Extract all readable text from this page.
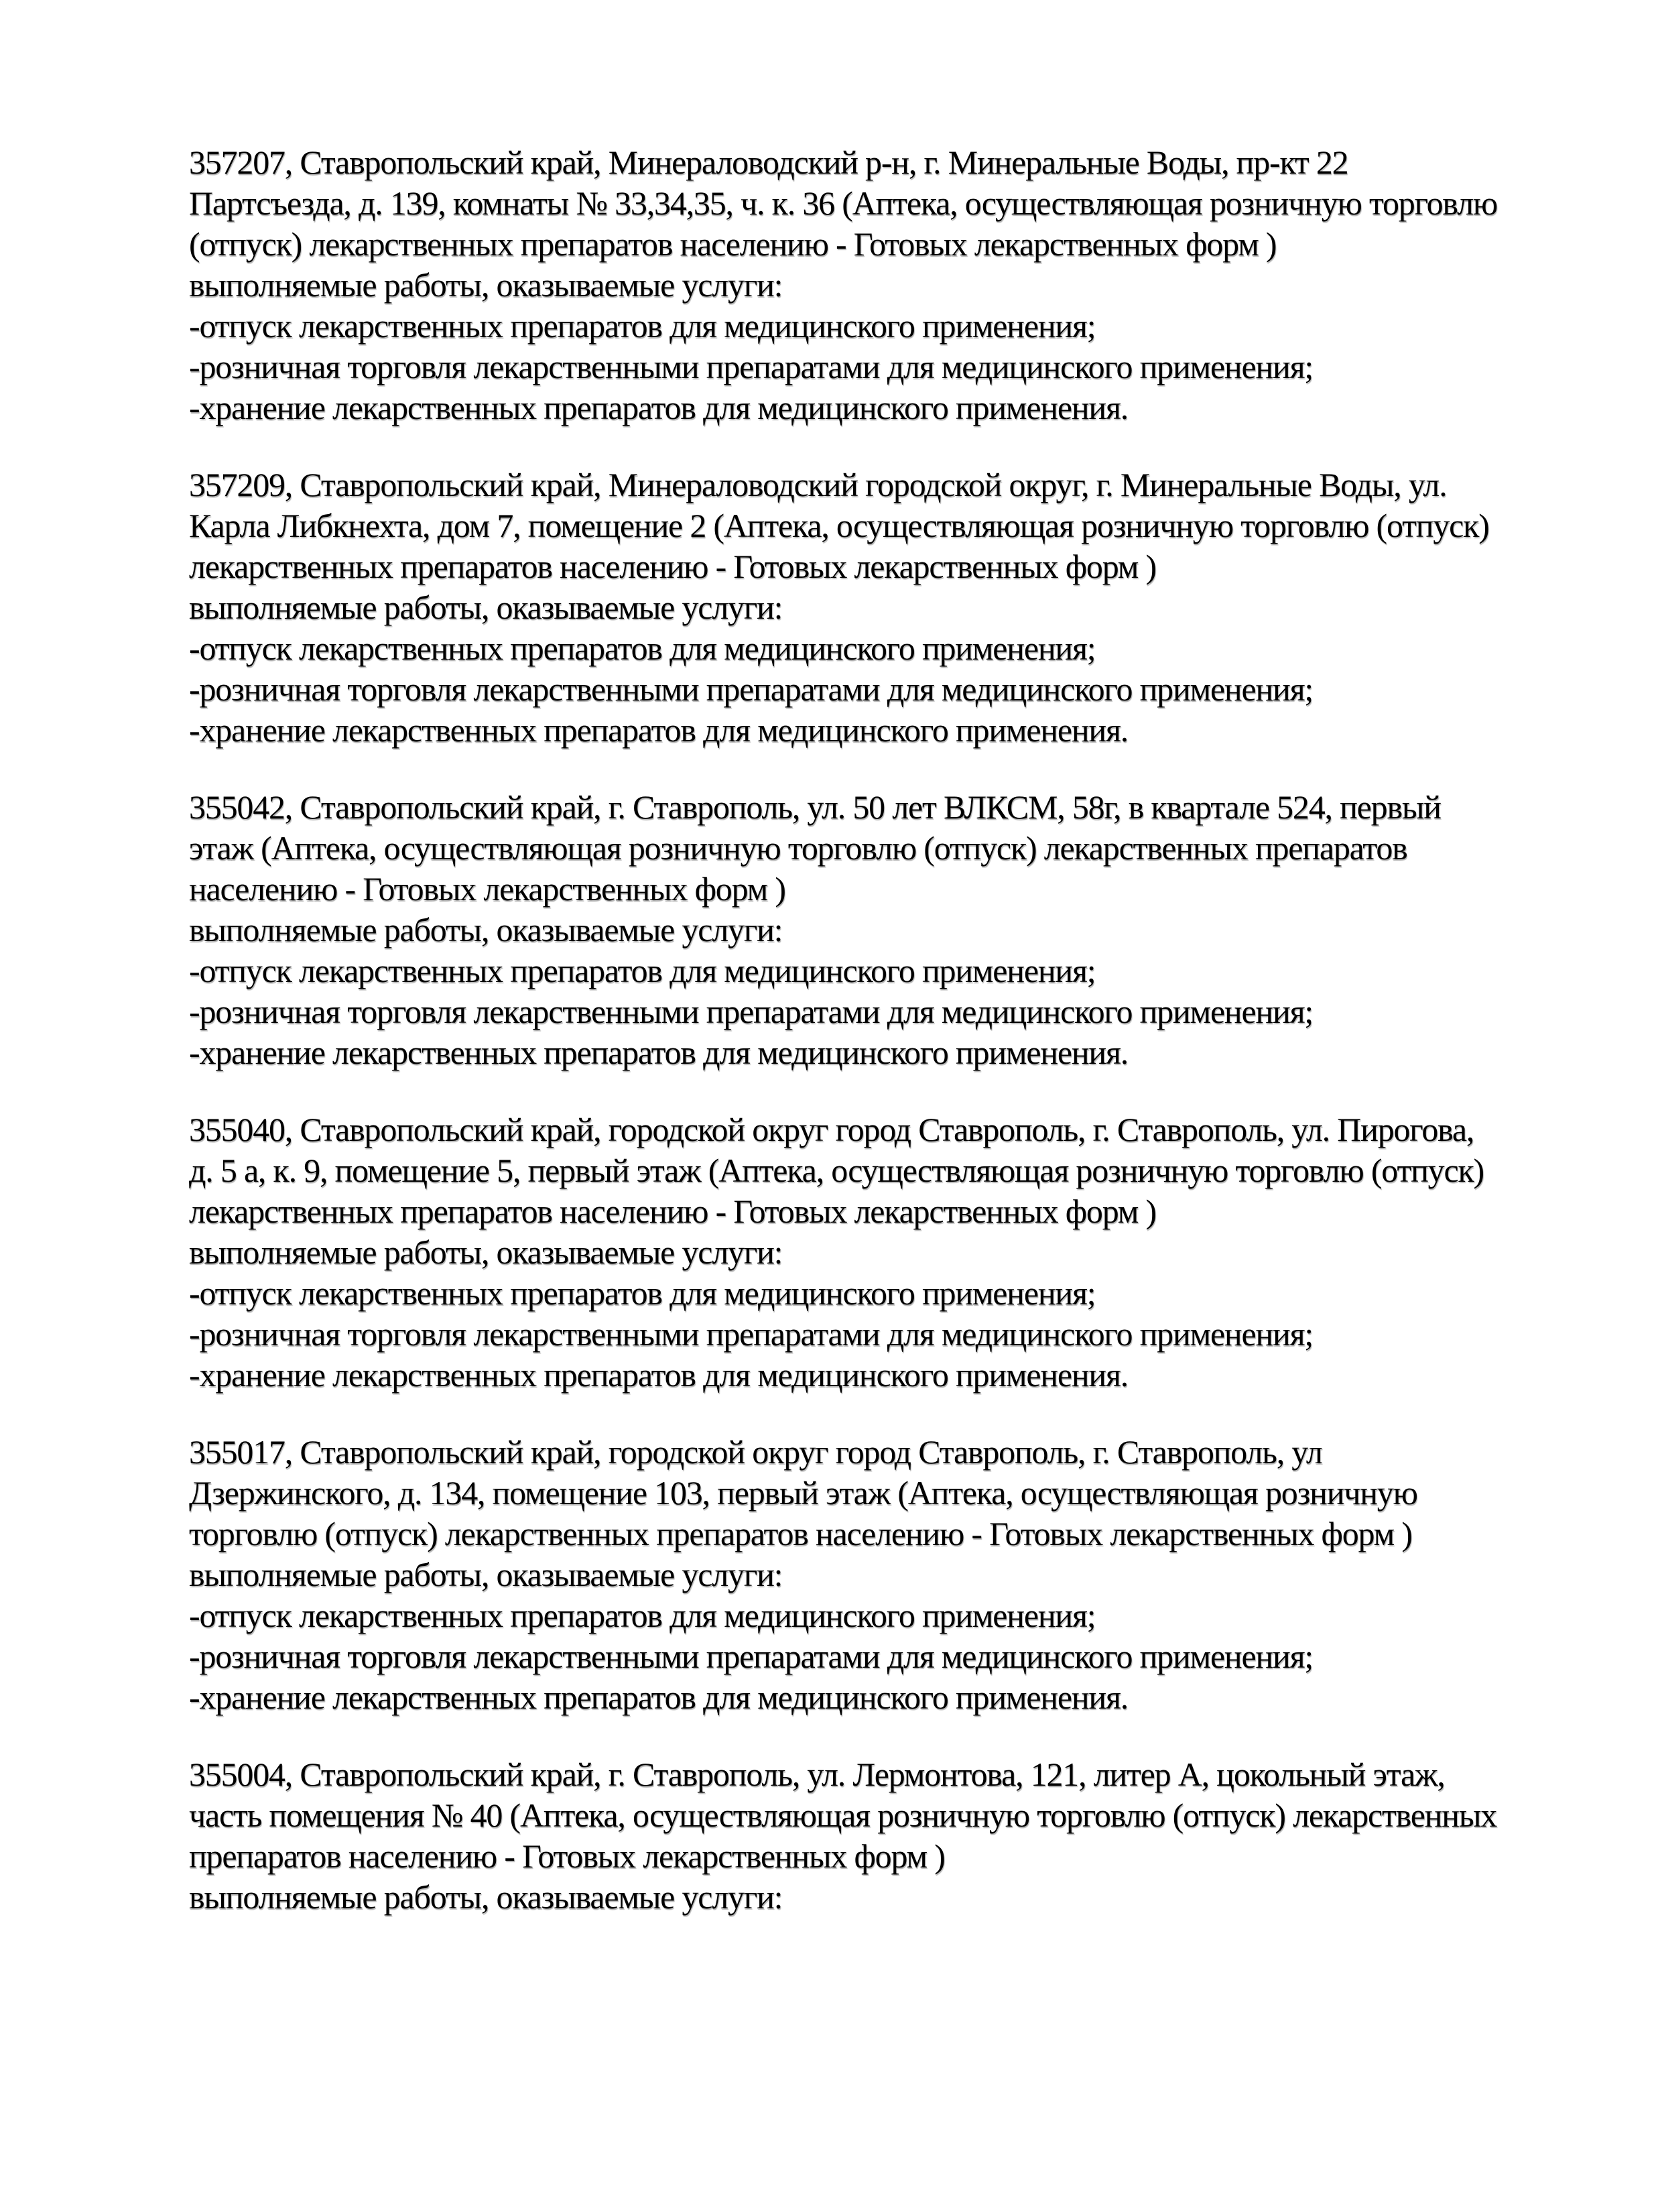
357207, Ставропольский край, Минераловодский р-н, г. Минеральные Воды, пр-кт 22
Партсъезда, д. 139, комнаты № 33,34,35, ч. к. 36 (Аптека, осуществляющая розничную торговлю
(отпуск) лекарственных препаратов населению - Готовых лекарственных форм )
выполняемые работы, оказываемые услуги:
-отпуск лекарственных препаратов для медицинского применения;
-розничная торговля лекарственными препаратами для медицинского применения;
-хранение лекарственных препаратов для медицинского применения.
357209, Ставропольский край, Минераловодский городской округ, г. Минеральные Воды, ул.
Карла Либкнехта, дом 7, помещение 2 (Аптека, осуществляющая розничную торговлю (отпуск)
лекарственных препаратов населению - Готовых лекарственных форм )
выполняемые работы, оказываемые услуги:
-отпуск лекарственных препаратов для медицинского применения;
-розничная торговля лекарственными препаратами для медицинского применения;
-хранение лекарственных препаратов для медицинского применения.
355042, Ставропольский край, г. Ставрополь, ул. 50 лет ВЛКСМ, 58г, в квартале 524, первый
этаж (Аптека, осуществляющая розничную торговлю (отпуск) лекарственных препаратов
населению - Готовых лекарственных форм )
выполняемые работы, оказываемые услуги:
-отпуск лекарственных препаратов для медицинского применения;
-розничная торговля лекарственными препаратами для медицинского применения;
-хранение лекарственных препаратов для медицинского применения.
355040, Ставропольский край, городской округ город Ставрополь, г. Ставрополь, ул. Пирогова,
д. 5 а, к. 9, помещение 5, первый этаж (Аптека, осуществляющая розничную торговлю (отпуск)
лекарственных препаратов населению - Готовых лекарственных форм )
выполняемые работы, оказываемые услуги:
-отпуск лекарственных препаратов для медицинского применения;
-розничная торговля лекарственными препаратами для медицинского применения;
-хранение лекарственных препаратов для медицинского применения.
355017, Ставропольский край, городской округ город Ставрополь, г. Ставрополь, ул
Дзержинского, д. 134, помещение 103, первый этаж (Аптека, осуществляющая розничную
торговлю (отпуск) лекарственных препаратов населению - Готовых лекарственных форм )
выполняемые работы, оказываемые услуги:
-отпуск лекарственных препаратов для медицинского применения;
-розничная торговля лекарственными препаратами для медицинского применения;
-хранение лекарственных препаратов для медицинского применения.
355004, Ставропольский край, г. Ставрополь, ул. Лермонтова, 121, литер А, цокольный этаж,
часть помещения № 40 (Аптека, осуществляющая розничную торговлю (отпуск) лекарственных
препаратов населению - Готовых лекарственных форм )
выполняемые работы, оказываемые услуги:
